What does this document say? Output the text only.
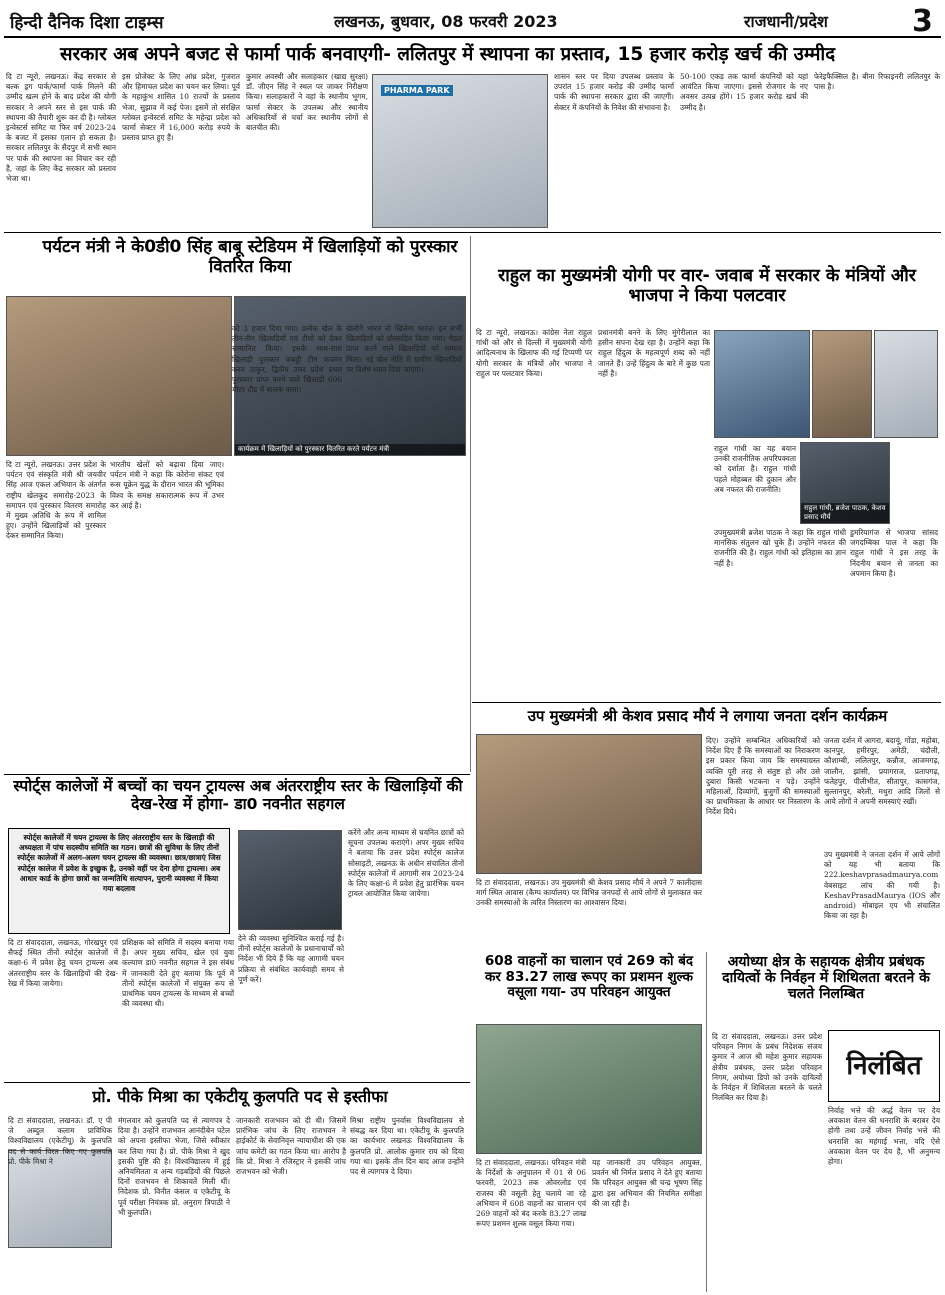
हिन्दी दैनिक दिशा टाइम्स	लखनऊ, बुधवार, 08 फरवरी 2023	राजधानी/प्रदेश	3
सरकार अब अपने बजट से फार्मा पार्क बनवाएगी- ललितपुर में स्थापना का प्रस्ताव, 15 हजार करोड़ खर्च की उम्मीद
दि टा न्यूरो, लखनऊ। केंद्र सरकार से बल्क ड्रग पार्क/फार्मा पार्क मिलने की उम्मीद खत्म होने के बाद प्रदेश की योगी सरकार ने अपने स्तर से इस पार्क की स्थापना की तैयारी शुरू कर दी है। ग्लोबल इन्वेस्टर्स समिट या फिर वर्ष 2023-24 के बजट में इसका एलान हो सकता है। सरकार ललितपुर के सैदपुर में सभी स्थान पर पार्क की स्थापना का विचार कर रही है, जहां के लिए केंद्र सरकार को प्रस्ताव भेजा था।
इस प्रोजेक्ट के लिए आंध्र प्रदेश, गुजरात और हिमाचल प्रदेश का चयन कर लिया। पूर्व के महाकुंभ शासित 10 राज्यों के प्रस्ताव भेजा, सुझाव में कई पेज। इसमें तो संरक्षित ग्लोबल इन्वेस्टर्स समिट के महेन्द्रा प्रदेश को फार्मा सेक्टर में 16,000 करोड़ रुपये के प्रस्ताव प्राप्त हुए हैं।
कुमार अवस्थी और सलाहकार (खाद्य सुरक्षा) डॉ. जीएन सिंह ने स्थल पर जाकर निरीक्षण किया। सलाहकारों ने वहां के स्थानीय भूगम, फार्मा सेक्टर के उपलब्ध और स्थानीय अधिकारियों से चर्चा कर स्थानीय लोगों से बातचीत की।
PHARMA PARK
शासन स्तर पर दिया उपलब्ध प्रस्ताव के उपरांत 15 हजार करोड़ की उम्मीद फार्मा पार्क की स्थापना सरकार द्वारा की जाएगी। सेक्टर में कंपनियों के निवेश की संभावना है।
50-100 एकड़ तक फार्मा कंपनियों को यहां आवंटित किया जाएगा। इससे रोजगार के नए अवसर उत्पन्न होंगे। 15 हजार करोड़ खर्च की उम्मीद है।
फेरेइफैक्सिल है। बीना रिफाइनरी ललितपुर के पास है।
पर्यटन मंत्री ने के0डी0 सिंह बाबू स्टेडियम में खिलाड़ियों को पुरस्कार वितरित किया
कार्यक्रम में खिलाड़ियों को पुरस्कार वितरित करते पर्यटन मंत्री
दि टा न्यूरो, लखनऊ। उत्तर प्रदेश के पर्यटन एवं संस्कृति मंत्री श्री जयवीर सिंह आज एकल अभियान के अंतर्गत राष्ट्रीय खेलकूद समारोह-2023 के समापन एवं पुरस्कार वितरण समारोह में मुख्य अतिथि के रूप में शामिल हुए। उन्होंने खिलाड़ियों को पुरस्कार देकर सम्मानित किया।
भारतीय खेलों को बढ़ावा दिया जाए। पर्यटन मंत्री ने कहा कि कोरोना संकट एवं रूस यूक्रेन युद्ध के दौरान भारत की भूमिका विश्व के समक्ष सकारात्मक रूप में उभर कर आई है।
को 3 हजार दिया गया। प्रत्येक खेल के तीन-तीन खिलाड़ियों एवं टीमों को देकर सम्मानित किया। इसके साथ-साथ खिलाड़ी पुरस्कार कबड्डी टीम कप्तान करन ठाकुर, द्वितीय उत्तर प्रदेश प्रथम पुरस्कार प्राप्त करने वाले खिलाड़ी 600 मीटर दौड़ में बालक वाला।
खेलोगे भारत तो खिलेगा भारत। इन सभी खिलाड़ियों को प्रोत्साहित किया गया। मेडल प्राप्त करने वाले खिलाड़ियों को सम्मान मिला। नई खेल नीति में ग्रामीण खिलाड़ियों पर विशेष ध्यान दिया जाएगा।
राहुल का मुख्यमंत्री योगी पर वार- जवाब में सरकार के मंत्रियों और भाजपा ने किया पलटवार
दि टा न्यूरो, लखनऊ। कांग्रेस नेता राहुल गांधी को और से दिल्ली में मुख्यमंत्री योगी आदित्यनाथ के खिलाफ की गई टिप्पणी पर योगी सरकार के मंत्रियों और भाजपा ने राहुल पर पलटवार किया।
प्रधानमंत्री बनने के लिए मुंगेरीलाल का हसीन सपना देख रहा है। उन्होंने कहा कि राहुल हिंदुत्व के महत्वपूर्ण शब्द को नहीं जानते हैं। उन्हें हिंदुत्व के बारे में कुछ पता नहीं है।
राहुल गांधी, ब्रजेश पाठक, केशव प्रसाद मौर्य
राहुल गांधी का यह बयान उनकी राजनीतिक अपरिपक्वता को दर्शाता है। राहुल गांधी पहले मोहब्बत की दुकान और अब नफरत की राजनीति।
डुमरियागंज से भाजपा सांसद जगदम्बिका पाल ने कहा कि राहुल गांधी ने इस तरह के निंदनीय बयान से जनता का अपमान किया है।
उपमुख्यमंत्री ब्रजेश पाठक ने कहा कि राहुल गांधी मानसिक संतुलन खो चुके हैं। उन्होंने नफरत की राजनीति की है। राहुल गांधी को इतिहास का ज्ञान नहीं है।
उप मुख्यमंत्री श्री केशव प्रसाद मौर्य ने लगाया जनता दर्शन कार्यक्रम
दि टा संवाददाता, लखनऊ। उप मुख्यमंत्री श्री केशव प्रसाद मौर्य ने अपने 7 कालीदास मार्ग स्थित आवास (कैम्प कार्यालय) पर विभिन्न जनपदों से आये लोगों से मुलाकात कर उनकी समस्याओं के त्वरित निस्तारण का आश्वासन दिया।
दिए। उन्होंने सम्बन्धित अधिकारियों को निर्देश दिए हैं कि समस्याओं का निराकरण इस प्रकार किया जाय कि समस्याग्रस्त व्यक्ति पूरी तरह से संतुष्ट हो और उसे दुबारा किसी भटकना न पड़े। उन्होंने महिलाओं, दिव्यांगों, बुजुर्गों की समस्याओं का प्राथमिकता के आधार पर निस्तारण के निर्देश दिये।
जनता दर्शन में आगरा, बदायूं, गोंडा, महोबा, कानपुर, हमीरपुर, अमेठी, चंदौली, कौशाम्बी, ललितपुर, कन्नौज, आजमगढ़, जालौन, झांसी, प्रयागराज, प्रतापगढ़, फतेहपुर, पीलीभीत, सीतापुर, कासगंज, सुल्तानपुर, बरेली, मथुरा आदि जिलों से आये लोगों ने अपनी समस्याएं रखीं।
उप मुख्यमंत्री ने जनता दर्शन में आये लोगों को यह भी बताया कि 222.keshavprasadmaurya.com वेबसाइट लांच की गयी है। KeshavPrasadMaurya (IOS और android) मोबाइल एप भी संचालित किया जा रहा है।
स्पोर्ट्स कालेजों में बच्चों का चयन ट्रायल्स अब अंतरराष्ट्रीय स्तर के खिलाड़ियों की देख-रेख में होगा- डा0 नवनीत सहगल
स्पोर्ट्स कालेजों में चयन ट्रायल्स के लिए अंतरराष्ट्रीय स्तर के खिलाड़ी की अध्यक्षता में पांच सदस्यीय समिति का गठन। छात्रों की सुविधा के लिए तीनों स्पोर्ट्स कालेजों में अलग-अलग चयन ट्रायल्स की व्यवस्था। छात्र/छात्राएं जिस स्पोर्ट्स कालेज में प्रवेश के इच्छुक है, उनको वहीं पर देना होगा ट्रायल्स। अब आधार कार्ड के होगा छात्रों का जन्मतिथि सत्यापन, पुरानी व्यवस्था में किया गया बदलाव
दि टा संवाददाता, लखनऊ, गोरखपुर एवं सैफई स्थित तीनों स्पोर्ट्स कालेजों में कक्षा-6 में प्रवेश हेतु चयन ट्रायल्स अब अंतरराष्ट्रीय स्तर के खिलाड़ियों की देख-रेख में किया जायेगा।
प्रशिक्षक को समिति में सदस्य बनाया गया है। अपर मुख्य सचिव, खेल एवं युवा कल्याण डा0 नवनीत सहगल ने इस संबंध में जानकारी देते हुए बताया कि पूर्व में तीनों स्पोर्ट्स कालेजों में संयुक्त रूप से प्राथमिक चयन ट्रायल्स के माध्यम से बच्चों की व्यवस्था थी।
देने की व्यवस्था सुनिश्चित कराई गई है। तीनों स्पोर्ट्स कालेजों के प्रधानाचार्यों को निर्देश भी दिये हैं कि यह आगामी चयन प्रक्रिया से संबंधित कार्यवाही समय से पूर्ण करें।
करेंगे और अन्य माध्यम से चयनित छात्रों को सूचना उपलब्ध कराएंगे। अपर मुख्य सचिव ने बताया कि उत्तर प्रदेश स्पोर्ट्स कालेज सोसाइटी, लखनऊ के अधीन संचालित तीनों स्पोर्ट्स कालेजों में आगामी सत्र 2023-24 के लिए कक्षा-6 में प्रवेश हेतु प्रारंभिक चयन ट्रायल आयोजित किया जायेगा।
प्रो. पीके मिश्रा का एकेटीयू कुलपति पद से इस्तीफा
दि टा संवाददाता, लखनऊ। डॉ. ए पी जे अब्दुल कलाम प्राविधिक विश्वविद्यालय (एकेटीयू) के कुलपति पद से कार्य विरत किए गए कुलपति प्रो. पीके मिश्रा ने
मंगलवार को कुलपति पद से त्यागपत्र दे दिया है। उन्होंने राजभवन आनंदीबेन पटेल को अपना इस्तीफा भेजा, जिसे स्वीकार कर लिया गया है। प्रो. पीके मिश्रा ने खुद इसकी पुष्टि की है। विश्वविद्यालय में हुई अनियमितता व अन्य गड़बड़ियों की पिछले दिनों राजभवन से शिकायतें मिली थीं। निदेशक प्रो. विनीत कंसल व एकेटीयू के पूर्व परीक्षा नियंत्रक प्रो. अनुराग त्रिपाठी ने भी कुलपति।
जानकारी राजभवन को दी थी। जिसमें प्रारंभिक जांच के लिए राजभवन ने हाईकोर्ट के सेवानिवृत्त न्यायाधीश की एक जांच कमेटी का गठन किया था। आरोप है कि प्रो. मिश्रा ने रजिस्ट्रार ने इसकी जांच राजभवन को भेजी।
मिश्रा राष्ट्रीय पुनर्वास विश्वविद्यालय से संबद्ध कर दिया था। एकेटीयू के कुलपति का कार्यभार लखनऊ विश्वविद्यालय के कुलपति प्रो. आलोक कुमार राय को दिया गया था। इसके तीन दिन बाद आज उन्होंने पद से त्यागपत्र दे दिया।
608 वाहनों का चालान एवं 269 को बंद कर 83.27 लाख रूपए का प्रशमन शुल्क वसूला गया- उप परिवहन आयुक्त
दि टा संवाददाता, लखनऊ। परिवहन मंत्री के निर्देशों के अनुपालन में 01 से 06 फरवरी, 2023 तक ओवरलोड एवं राजस्व की वसूली हेतु चलाये जा रहे अभियान में 608 वाहनों का चालान एवं 269 वाहनों को बंद करके 83.27 लाख रूपए प्रशमन शुल्क वसूल किया गया।
यह जानकारी उप परिवहन आयुक्त, प्रवर्तन श्री निर्मल प्रसाद ने देते हुए बताया कि परिवहन आयुक्त श्री चन्द्र भूषण सिंह द्वारा इस अभियान की नियमित समीक्षा की जा रही है।
अयोध्या क्षेत्र के सहायक क्षेत्रीय प्रबंधक दायित्वों के निर्वहन में शिथिलता बरतने के चलते निलम्बित
दि टा संवाददाता, लखनऊ। उत्तर प्रदेश परिवहन निगम के प्रबंध निदेशक संजय कुमार ने आज श्री महेश कुमार सहायक क्षेत्रीय प्रबंधक, उत्तर प्रदेश परिवहन निगम, अयोध्या डिपो को उनके दायित्वों के निर्वहन में शिथिलता बरतने के चलते निलंबित कर दिया है।
निलंबित
निर्वाह भत्ते की अर्द्ध वेतन पर देय अवकाश वेतन की धनराशि के बराबर देय होगी तथा उन्हें जीवन निर्वाह भत्ते की धनराशि का महंगाई भत्ता, यदि ऐसे अवकाश वेतन पर देय है, भी अनुमन्य होगा।
